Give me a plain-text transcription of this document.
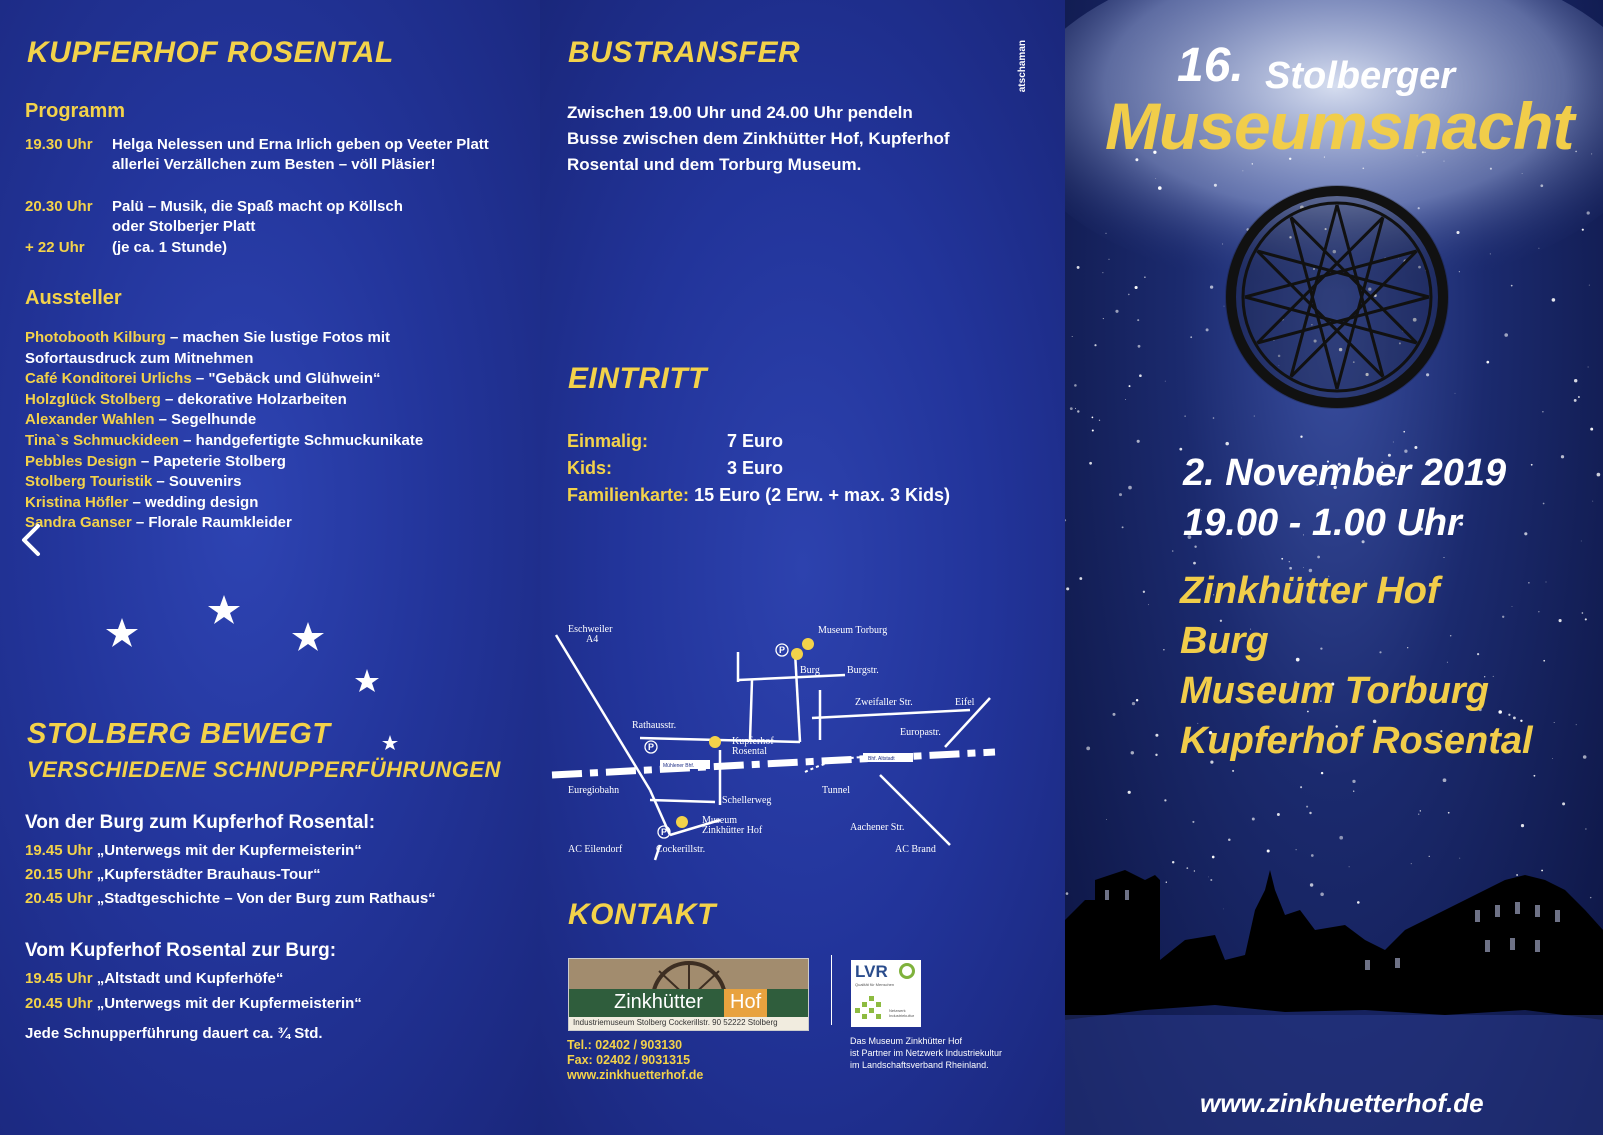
KUPFERHOF ROSENTAL
Programm
19.30 Uhr Helga Nelessen und Erna Irlich geben op Veeter Platt allerlei Verzällchen zum Besten – völl Pläsier!
20.30 Uhr Palü – Musik, die Spaß macht op Köllsch oder Stolberjer Platt
+ 22 Uhr (je ca. 1 Stunde)
Aussteller
Photobooth Kilburg – machen Sie lustige Fotos mit
Sofortausdruck zum Mitnehmen
Café Konditorei Urlichs – "Gebäck und Glühwein“
Holzglück Stolberg – dekorative Holzarbeiten
Alexander Wahlen – Segelhunde
Tina`s Schmuckideen – handgefertigte Schmuckunikate
Pebbles Design – Papeterie Stolberg
Stolberg Touristik – Souvenirs
Kristina Höfler – wedding design
Sandra Ganser – Florale Raumkleider
STOLBERG BEWEGT
VERSCHIEDENE SCHNUPPERFÜHRUNGEN
Von der Burg zum Kupferhof Rosental:
19.45 Uhr „Unterwegs mit der Kupfermeisterin“
20.15 Uhr „Kupferstädter Brauhaus-Tour“
20.45 Uhr „Stadtgeschichte – Von der Burg zum Rathaus“
Vom Kupferhof Rosental zur Burg:
19.45 Uhr „Altstadt und Kupferhöfe“
20.45 Uhr „Unterwegs mit der Kupfermeisterin“
Jede Schnupperführung dauert ca. ¾ Std.
BUSTRANSFER
Zwischen 19.00 Uhr und 24.00 Uhr pendeln
Busse zwischen dem Zinkhütter Hof, Kupferhof
Rosental und dem Torburg Museum.
EINTRITT
Einmalig:	7 Euro
Kids:	3 Euro
Familienkarte: 15 Euro (2 Erw. + max. 3 Kids)
Eschweiler
A4
Museum Torburg
Burg	Burgstr.
Zweifaller Str.	Eifel
Rathausstr.
Kupferhof
Rosental
Europastr.
Euregiobahn
Schellerweg
Tunnel
Museum
Zinkhütter Hof	Aachener Str.
AC Eilendorf	Cockerillstr.	AC Brand
Mühlener Bhf.
Bhf. Altstadt
P
P
P
KONTAKT
Zinkhütter	Hof
Industriemuseum Stolberg Cockerillstr. 90 52222 Stolberg
LVR
Qualität für Menschen
Netzwerk Industriekultur
Tel.: 02402 / 903130
Fax: 02402 / 9031315
www.zinkhuetterhof.de
Das Museum Zinkhütter Hof
ist Partner im Netzwerk Industriekultur
im Landschaftsverband Rheinland.
atschaman	16. Stolberger
Museumsnacht
2. November 2019
19.00 - 1.00 Uhr
Zinkhütter Hof
Burg
Museum Torburg
Kupferhof Rosental
www.zinkhuetterhof.de
